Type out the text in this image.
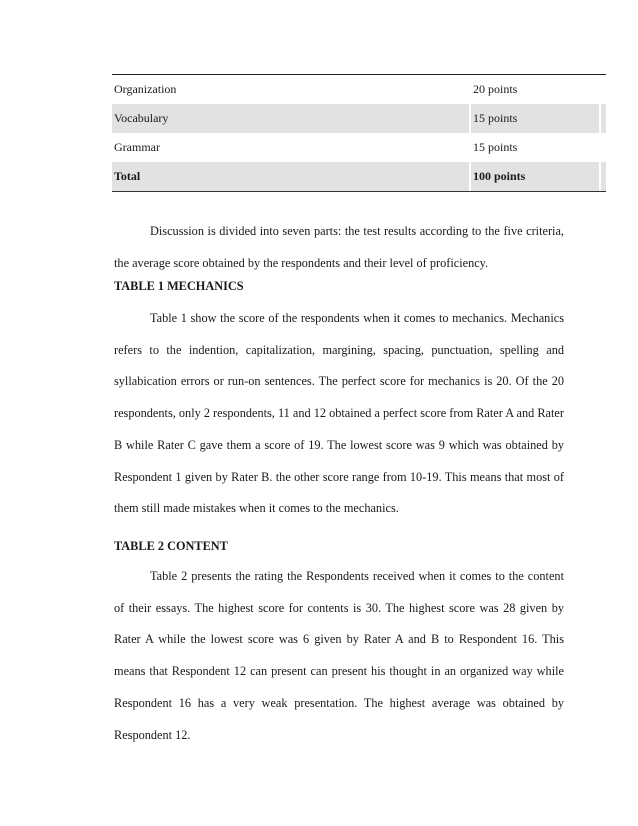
Organization	20 points
Vocabulary	15 points
Grammar	15 points
Total	100 points

Discussion is divided into seven parts: the test results according to the five criteria, the average score obtained by the respondents and their level of proficiency.

TABLE 1 MECHANICS

Table 1 show the score of the respondents when it comes to mechanics. Mechanics refers to the indention, capitalization, margining, spacing, punctuation, spelling and syllabication errors or run-on sentences. The perfect score for mechanics is 20. Of the 20 respondents, only 2 respondents, 11 and 12 obtained a perfect score from Rater A and Rater B while Rater C gave them a score of 19. The lowest score was 9 which was obtained by Respondent 1 given by Rater B. the other score range from 10-19. This means that most of them still made mistakes when it comes to the mechanics.

TABLE 2 CONTENT

Table 2 presents the rating the Respondents received when it comes to the content of their essays. The highest score for contents is 30. The highest score was 28 given by Rater A while the lowest score was 6 given by Rater A and B to Respondent 16. This means that Respondent 12 can present can present his thought in an organized way while Respondent 16 has a very weak presentation. The highest average was obtained by Respondent 12.
